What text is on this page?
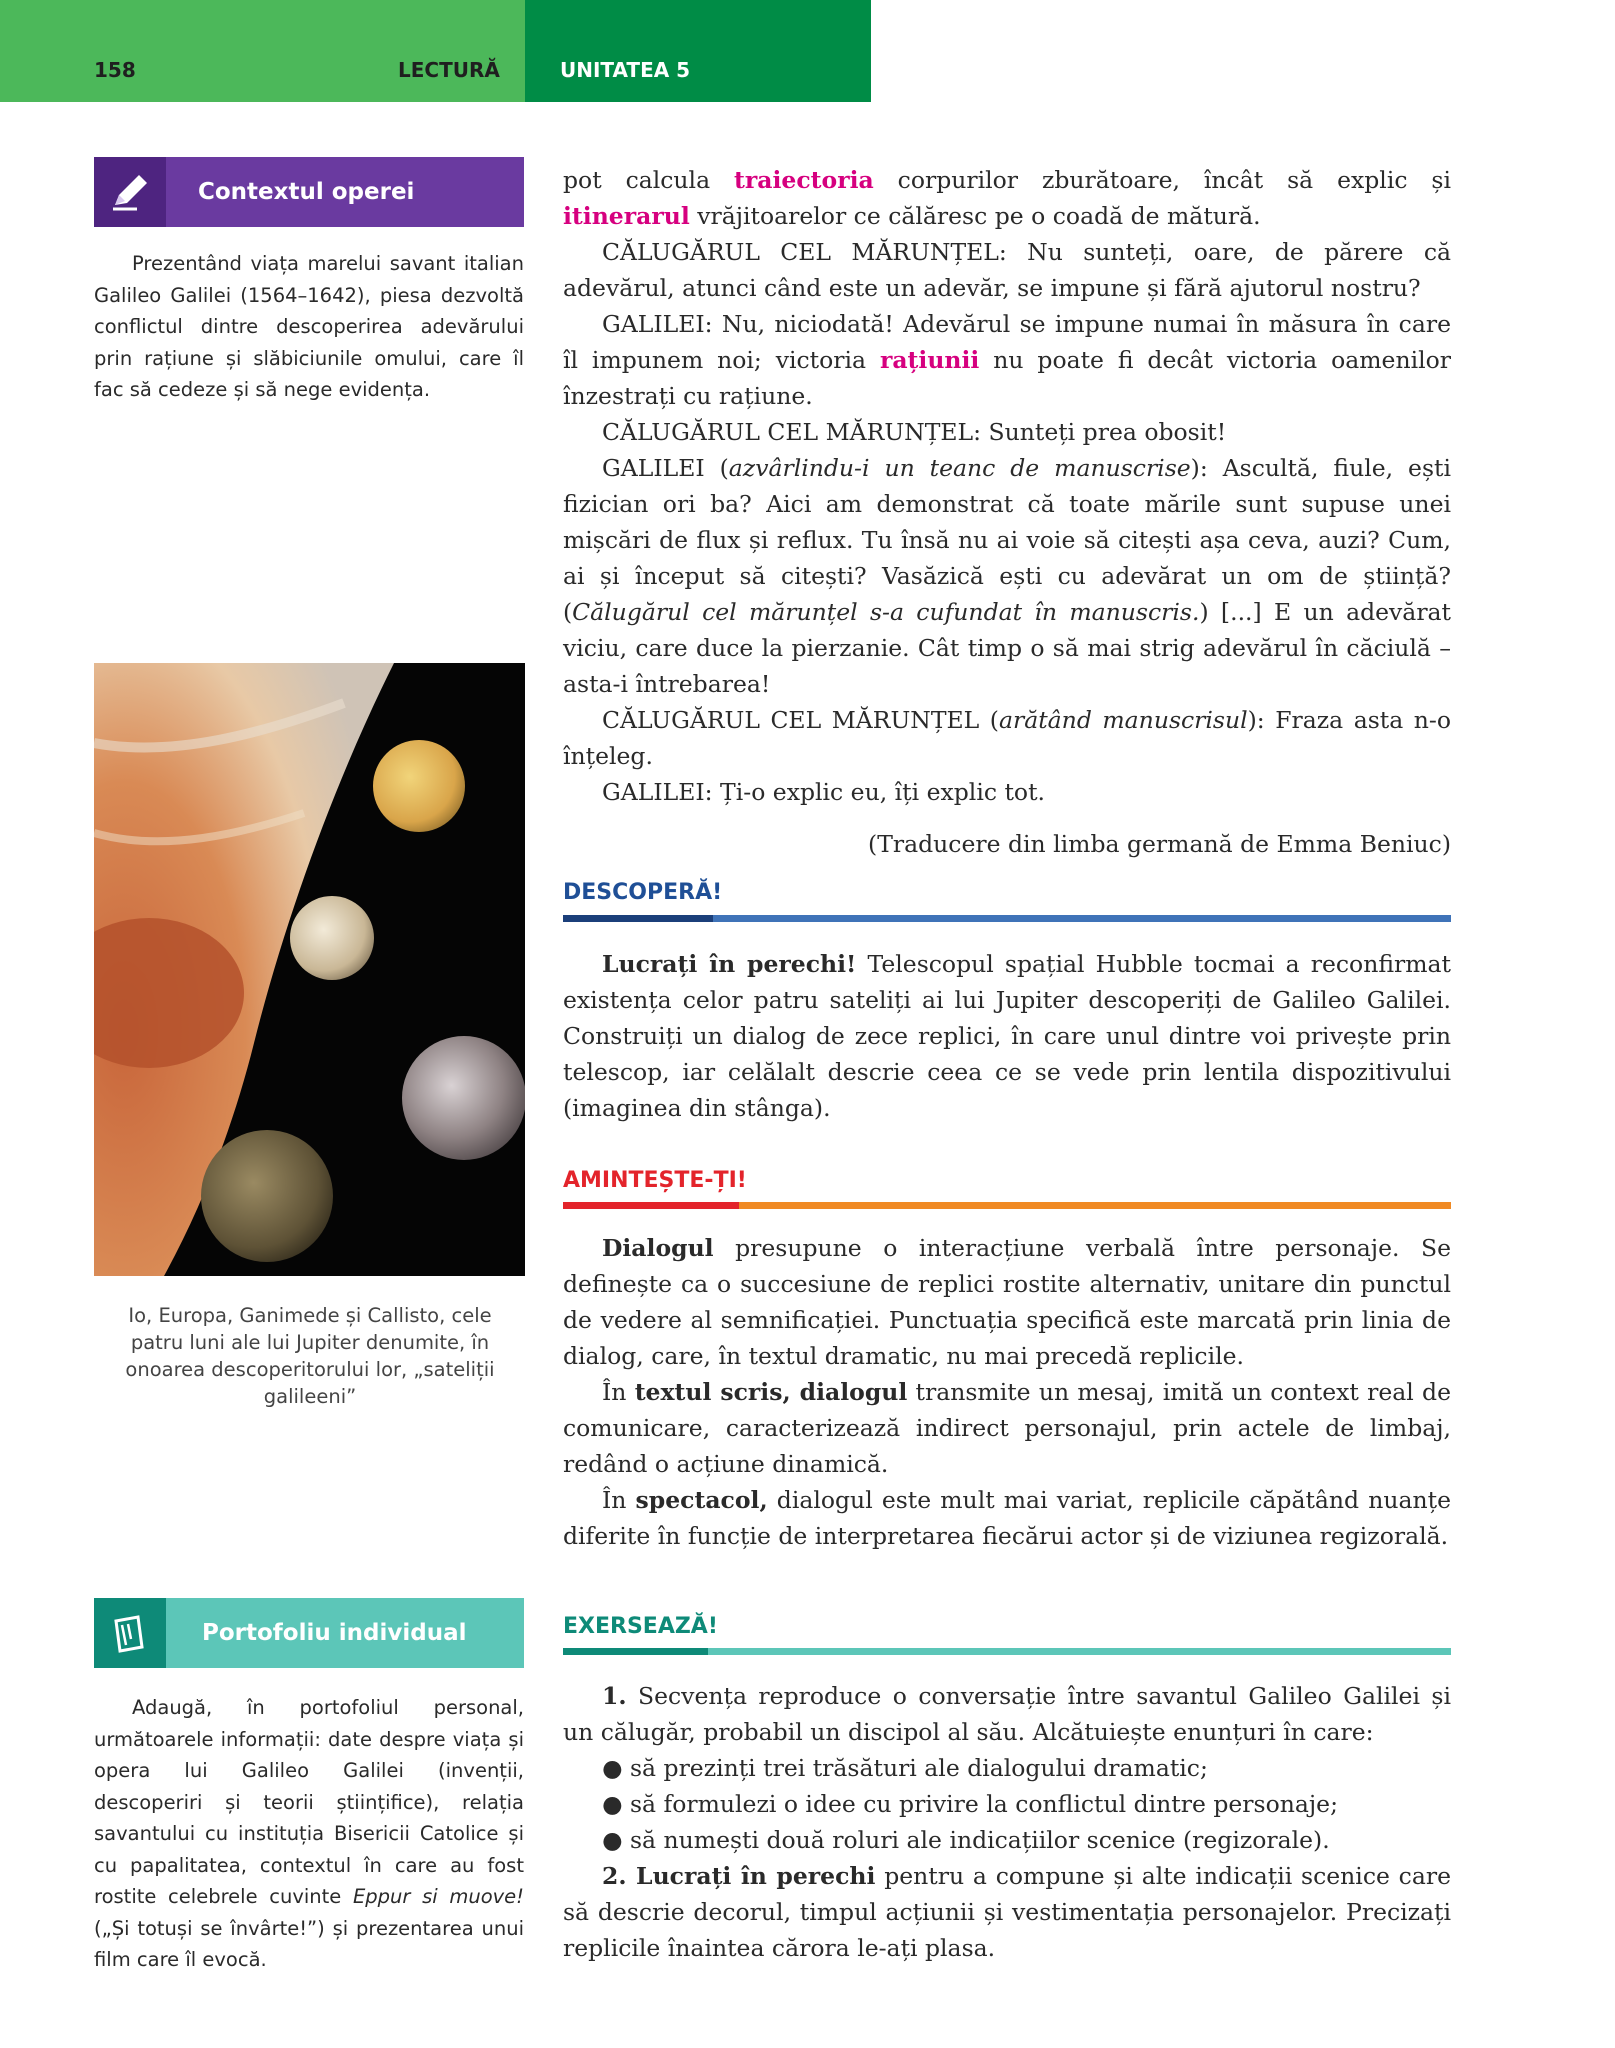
158	LECTURĂ	UNITATEA 5
Contextul operei

Prezentând viața marelui savant italian Galileo Galilei (1564–1642), piesa dezvoltă conflictul dintre descoperirea adevărului prin rațiune și slăbiciunile omului, care îl fac să cedeze și să nege evidența.

Io, Europa, Ganimede și Callisto, cele patru luni ale lui Jupiter denumite, în onoarea descoperitorului lor, „sateliții galileeni”

Portofoliu individual

Adaugă, în portofoliul personal, următoarele informații: date despre viața și opera lui Galileo Galilei (invenții, descoperiri și teorii științifice), relația savantului cu instituția Bisericii Catolice și cu papalitatea, contextul în care au fost rostite celebrele cuvinte Eppur si muove! („Și totuși se învârte!”) și prezentarea unui film care îl evocă.

pot calcula traiectoria corpurilor zburătoare, încât să explic și itinerarul vrăjitoarelor ce călăresc pe o coadă de mătură.

CĂLUGĂRUL CEL MĂRUNȚEL: Nu sunteți, oare, de părere că adevărul, atunci când este un adevăr, se impune și fără ajutorul nostru?

GALILEI: Nu, niciodată! Adevărul se impune numai în măsura în care îl impunem noi; victoria rațiunii nu poate fi decât victoria oamenilor înzestrați cu rațiune.

CĂLUGĂRUL CEL MĂRUNȚEL: Sunteți prea obosit!

GALILEI (azvârlindu-i un teanc de manuscrise): Ascultă, fiule, ești fizician ori ba? Aici am demonstrat că toate mările sunt supuse unei mișcări de flux și reflux. Tu însă nu ai voie să citești așa ceva, auzi? Cum, ai și început să citești? Vasăzică ești cu adevărat un om de știință? (Călugărul cel mărunțel s-a cufundat în manuscris.) [...] E un adevărat viciu, care duce la pierzanie. Cât timp o să mai strig adevărul în căciulă – asta-i întrebarea!

CĂLUGĂRUL CEL MĂRUNȚEL (arătând manuscrisul): Fraza asta n-o înțeleg.

GALILEI: Ți-o explic eu, îți explic tot.

(Traducere din limba germană de Emma Beniuc)

DESCOPERĂ!

Lucrați în perechi! Telescopul spațial Hubble tocmai a reconfirmat existența celor patru sateliți ai lui Jupiter descoperiți de Galileo Galilei. Construiți un dialog de zece replici, în care unul dintre voi privește prin telescop, iar celălalt descrie ceea ce se vede prin lentila dispozitivului (imaginea din stânga).

AMINTEȘTE-ȚI!

Dialogul presupune o interacțiune verbală între personaje. Se definește ca o succesiune de replici rostite alternativ, unitare din punctul de vedere al semnificației. Punctuația specifică este marcată prin linia de dialog, care, în textul dramatic, nu mai precedă replicile.

În textul scris, dialogul transmite un mesaj, imită un context real de comunicare, caracterizează indirect personajul, prin actele de limbaj, redând o acțiune dinamică.

În spectacol, dialogul este mult mai variat, replicile căpătând nuanțe diferite în funcție de interpretarea fiecărui actor și de viziunea regizorală.

EXERSEAZĂ!

1. Secvența reproduce o conversație între savantul Galileo Galilei și un călugăr, probabil un discipol al său. Alcătuiește enunțuri în care:

● să prezinți trei trăsături ale dialogului dramatic;

● să formulezi o idee cu privire la conflictul dintre personaje;

● să numești două roluri ale indicațiilor scenice (regizorale).

2. Lucrați în perechi pentru a compune și alte indicații scenice care să descrie decorul, timpul acțiunii și vestimentația personajelor. Precizați replicile înaintea cărora le-ați plasa.
